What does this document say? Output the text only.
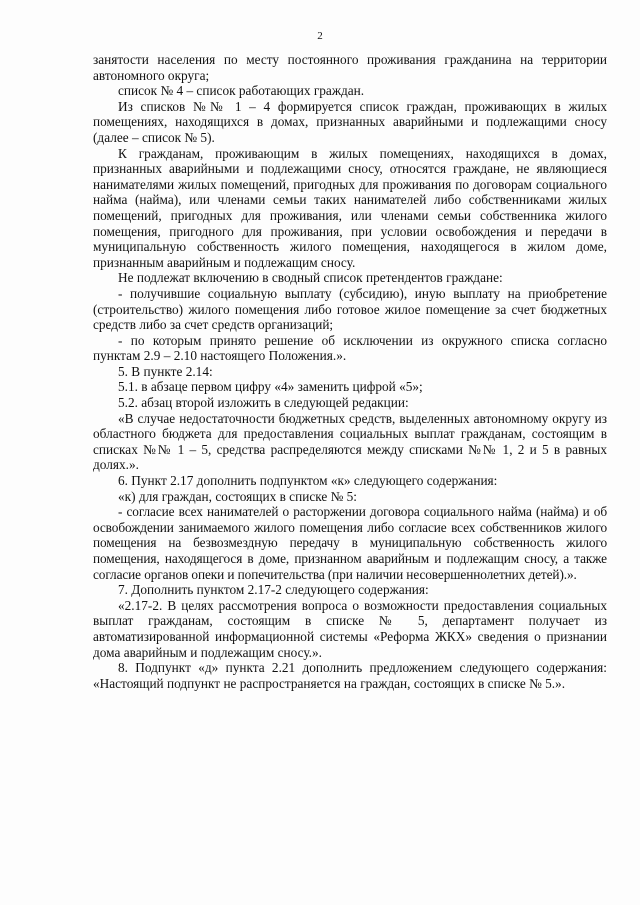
2

занятости населения по месту постоянного проживания гражданина на территории автономного округа;

список № 4 – список работающих граждан.

Из списков №№ 1 – 4 формируется список граждан, проживающих в жилых помещениях, находящихся в домах, признанных аварийными и подлежащими сносу (далее – список № 5).

К гражданам, проживающим в жилых помещениях, находящихся в домах, признанных аварийными и подлежащими сносу, относятся граждане, не являющиеся нанимателями жилых помещений, пригодных для проживания по договорам социального найма (найма), или членами семьи таких нанимателей либо собственниками жилых помещений, пригодных для проживания, или членами семьи собственника жилого помещения, пригодного для проживания, при условии освобождения и передачи в муниципальную собственность жилого помещения, находящегося в жилом доме, признанным аварийным и подлежащим сносу.

Не подлежат включению в сводный список претендентов граждане:

- получившие социальную выплату (субсидию), иную выплату на приобретение (строительство) жилого помещения либо готовое жилое помещение за счет бюджетных средств либо за счет средств организаций;

- по которым принято решение об исключении из окружного списка согласно пунктам 2.9 – 2.10 настоящего Положения.».

5. В пункте 2.14:

5.1. в абзаце первом цифру «4» заменить цифрой «5»;

5.2. абзац второй изложить в следующей редакции:

«В случае недостаточности бюджетных средств, выделенных автономному округу из областного бюджета для предоставления социальных выплат гражданам, состоящим в списках №№ 1 – 5, средства распределяются между списками №№ 1, 2 и 5 в равных долях.».

6. Пункт 2.17 дополнить подпунктом «к» следующего содержания:

«к) для граждан, состоящих в списке № 5:

- согласие всех нанимателей о расторжении договора социального найма (найма) и об освобождении занимаемого жилого помещения либо согласие всех собственников жилого помещения на безвозмездную передачу в муниципальную собственность жилого помещения, находящегося в доме, признанном аварийным и подлежащим сносу, а также согласие органов опеки и попечительства (при наличии несовершеннолетних детей).».

7. Дополнить пунктом 2.17-2 следующего содержания:

«2.17-2. В целях рассмотрения вопроса о возможности предоставления социальных выплат гражданам, состоящим в списке № 5, департамент получает из автоматизированной информационной системы «Реформа ЖКХ» сведения о признании дома аварийным и подлежащим сносу.».

8. Подпункт «д» пункта 2.21 дополнить предложением следующего содержания: «Настоящий подпункт не распространяется на граждан, состоящих в списке № 5.».
